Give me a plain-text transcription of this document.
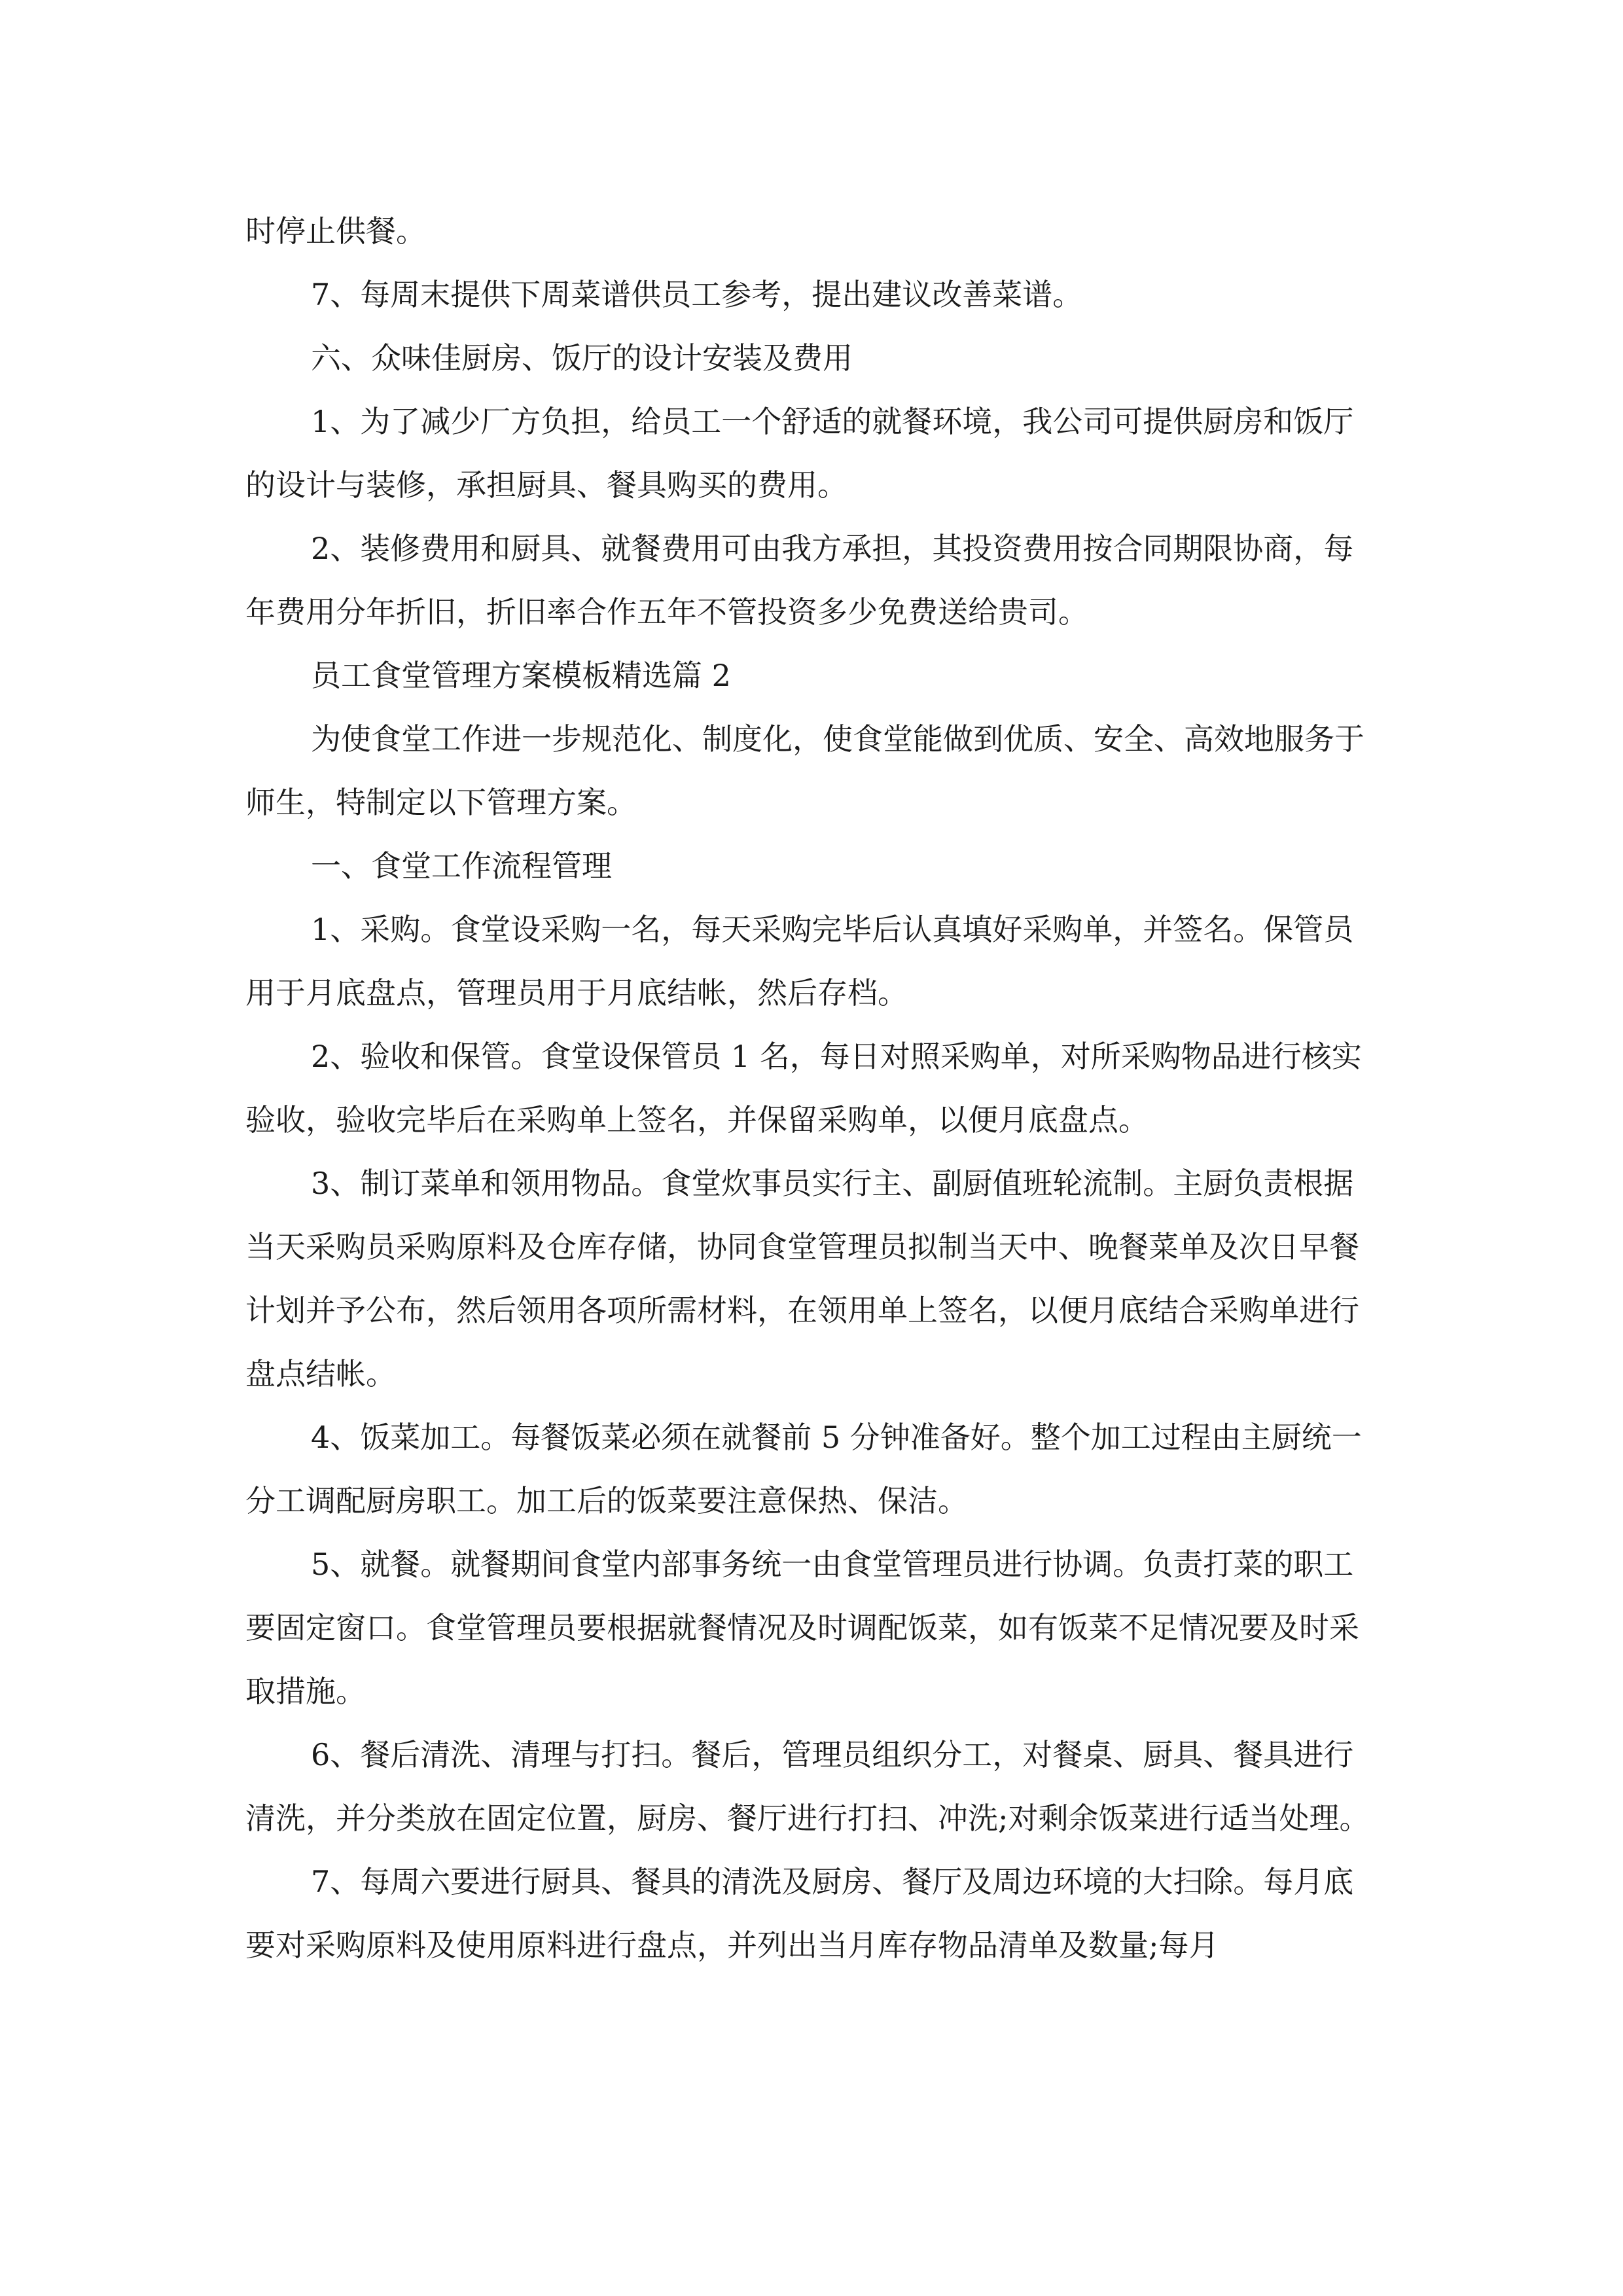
时停止供餐。

7、每周末提供下周菜谱供员工参考，提出建议改善菜谱。

六、众味佳厨房、饭厅的设计安装及费用

1、为了减少厂方负担，给员工一个舒适的就餐环境，我公司可提供厨房和饭厅的设计与装修，承担厨具、餐具购买的费用。

2、装修费用和厨具、就餐费用可由我方承担，其投资费用按合同期限协商，每年费用分年折旧，折旧率合作五年不管投资多少免费送给贵司。

员工食堂管理方案模板精选篇 2

为使食堂工作进一步规范化、制度化，使食堂能做到优质、安全、高效地服务于师生，特制定以下管理方案。

一、食堂工作流程管理

1、采购。食堂设采购一名，每天采购完毕后认真填好采购单，并签名。保管员用于月底盘点，管理员用于月底结帐，然后存档。

2、验收和保管。食堂设保管员 1 名，每日对照采购单，对所采购物品进行核实验收，验收完毕后在采购单上签名，并保留采购单，以便月底盘点。

3、制订菜单和领用物品。食堂炊事员实行主、副厨值班轮流制。主厨负责根据当天采购员采购原料及仓库存储，协同食堂管理员拟制当天中、晚餐菜单及次日早餐计划并予公布，然后领用各项所需材料，在领用单上签名，以便月底结合采购单进行盘点结帐。

4、饭菜加工。每餐饭菜必须在就餐前 5 分钟准备好。整个加工过程由主厨统一分工调配厨房职工。加工后的饭菜要注意保热、保洁。

5、就餐。就餐期间食堂内部事务统一由食堂管理员进行协调。负责打菜的职工要固定窗口。食堂管理员要根据就餐情况及时调配饭菜，如有饭菜不足情况要及时采取措施。

6、餐后清洗、清理与打扫。餐后，管理员组织分工，对餐桌、厨具、餐具进行清洗，并分类放在固定位置，厨房、餐厅进行打扫、冲洗;对剩余饭菜进行适当处理。

7、每周六要进行厨具、餐具的清洗及厨房、餐厅及周边环境的大扫除。每月底要对采购原料及使用原料进行盘点，并列出当月库存物品清单及数量;每月
